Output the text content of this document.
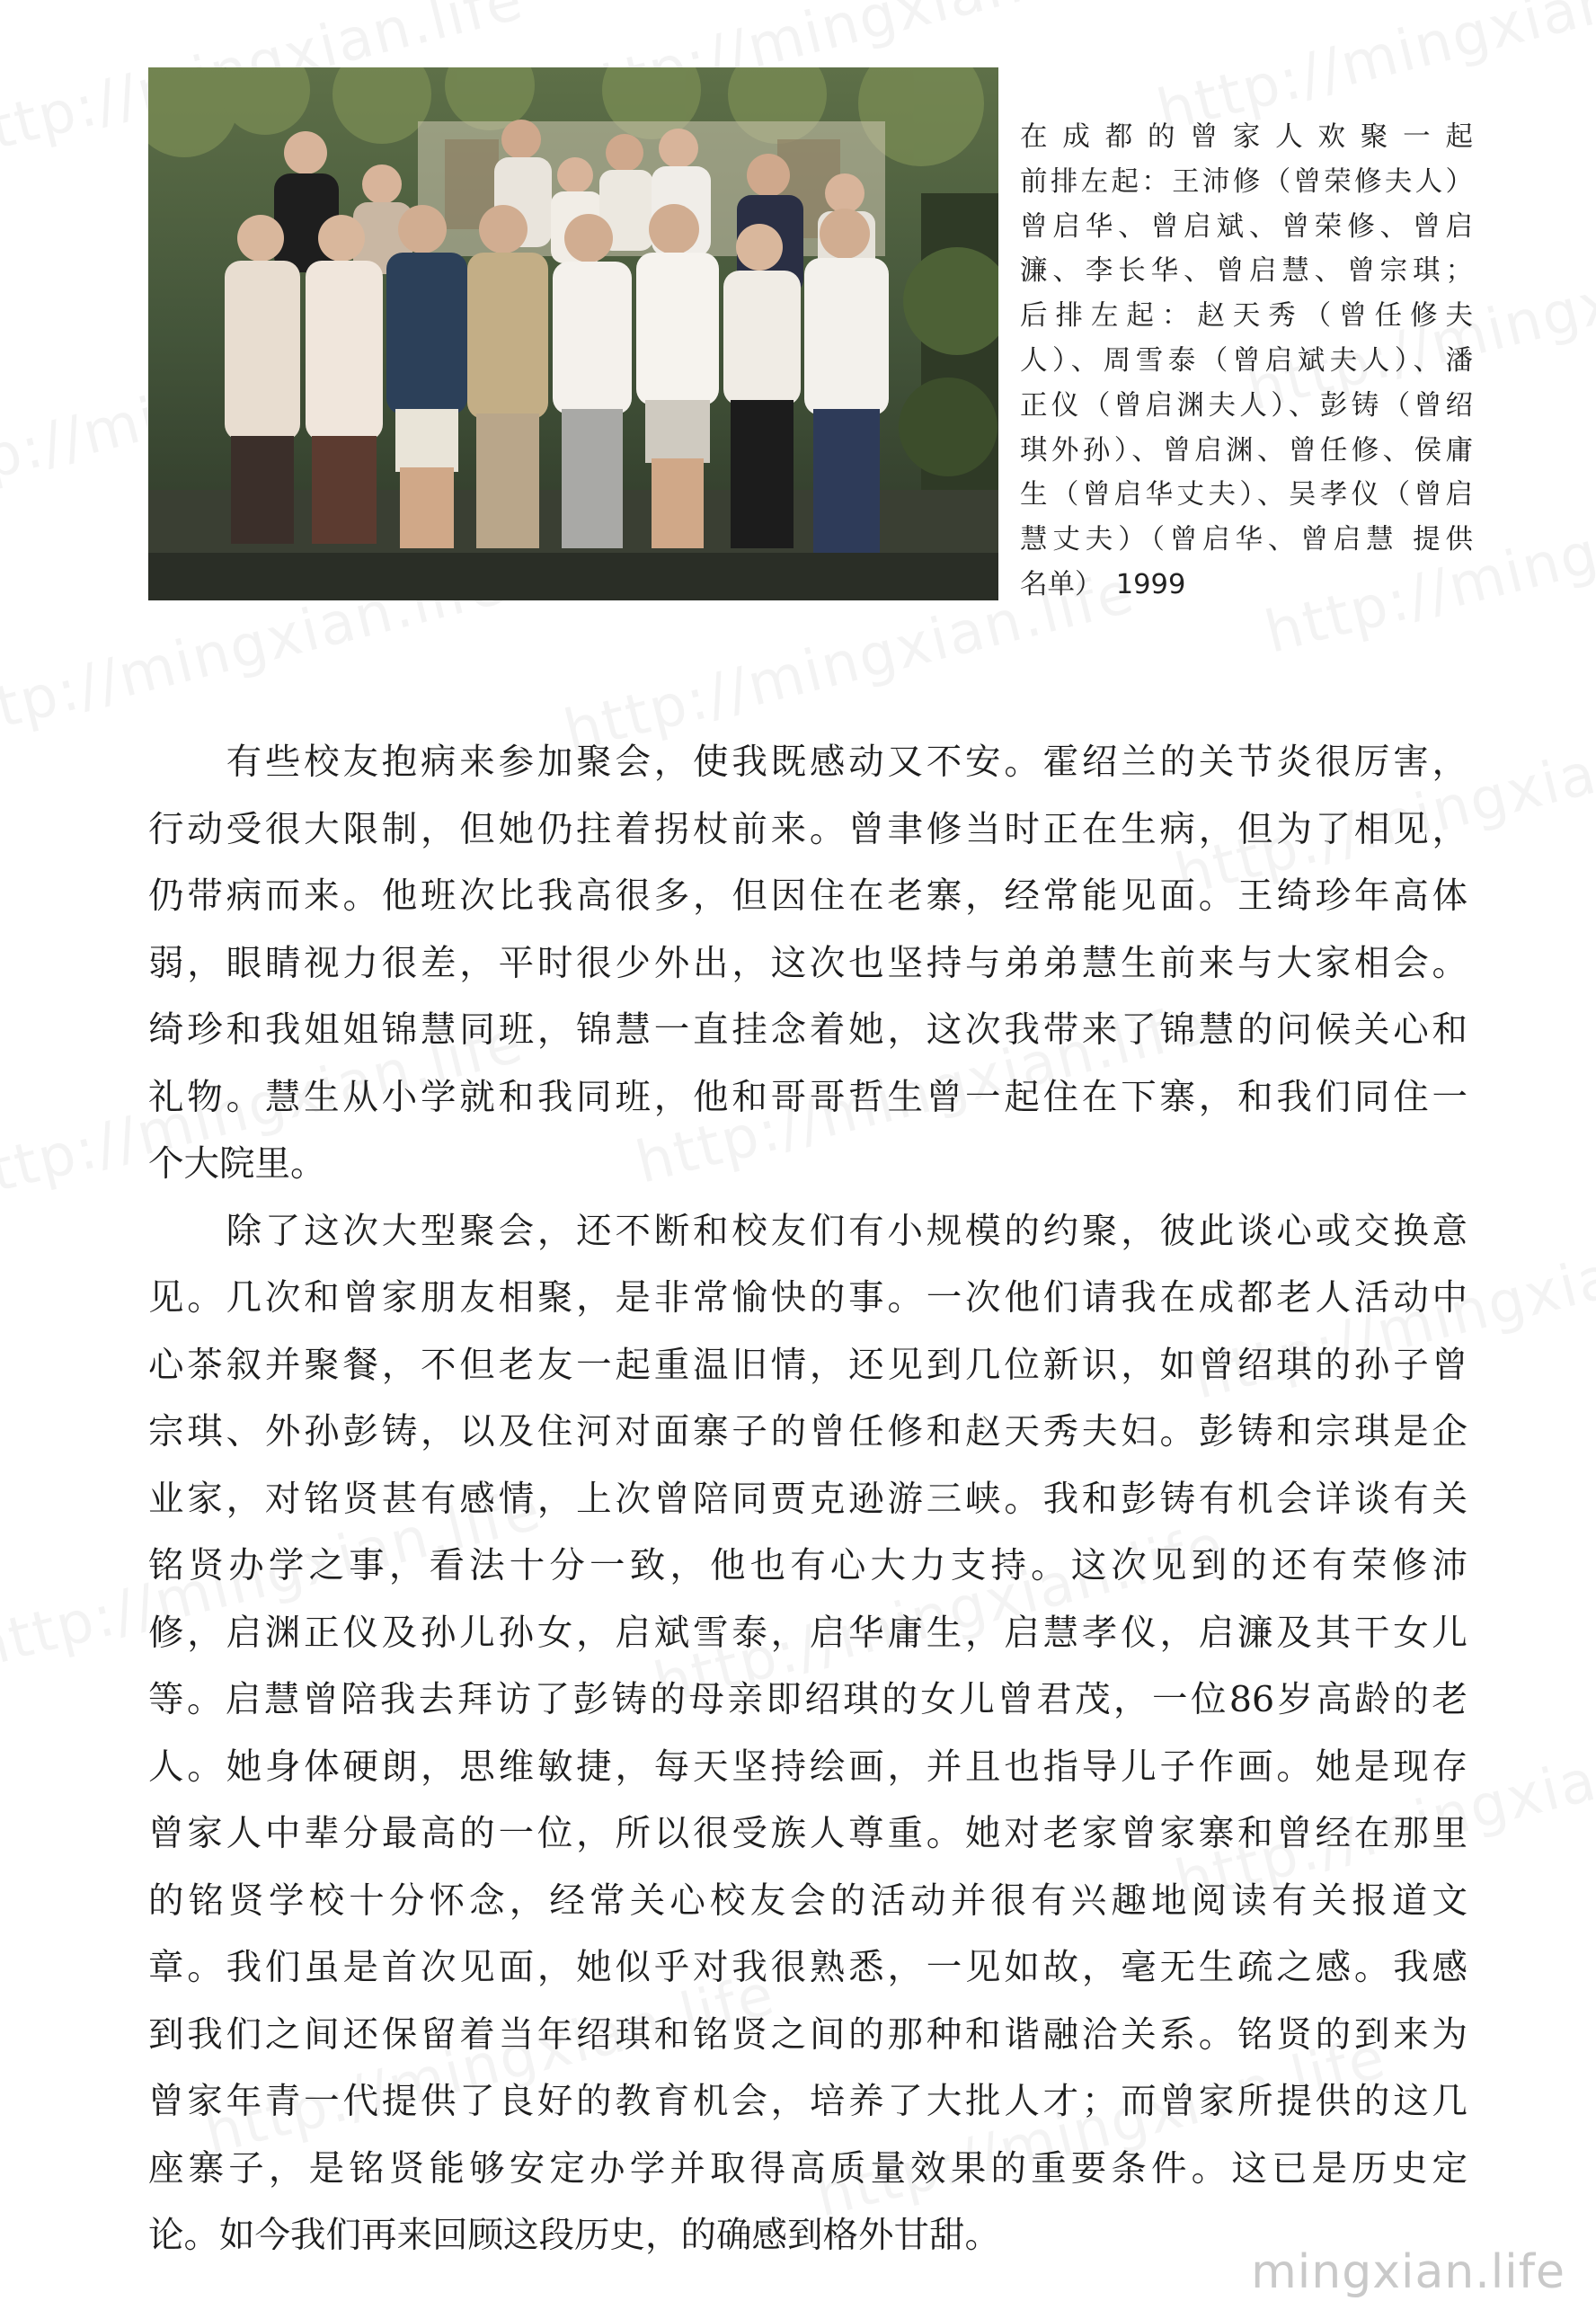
在成都的曾家人欢聚一起
前排左起：王沛修（曾荣修夫人）
曾启华、曾启斌、曾荣修、曾启
濂、李长华、曾启慧、曾宗琪；
后排左起：赵天秀（曾任修夫
人）、周雪泰（曾启斌夫人）、潘
正仪（曾启渊夫人）、彭铸（曾绍
琪外孙）、曾启渊、曾任修、侯庸
生（曾启华丈夫）、吴孝仪（曾启
慧丈夫）（曾启华、曾启慧 提供
名单）　1999
　　有些校友抱病来参加聚会，使我既感动又不安。霍绍兰的关节炎很厉害，
行动受很大限制，但她仍拄着拐杖前来。曾聿修当时正在生病，但为了相见，
仍带病而来。他班次比我高很多，但因住在老寨，经常能见面。王绮珍年高体
弱，眼睛视力很差，平时很少外出，这次也坚持与弟弟慧生前来与大家相会。
绮珍和我姐姐锦慧同班，锦慧一直挂念着她，这次我带来了锦慧的问候关心和
礼物。慧生从小学就和我同班，他和哥哥哲生曾一起住在下寨，和我们同住一
个大院里。
　　除了这次大型聚会，还不断和校友们有小规模的约聚，彼此谈心或交换意
见。几次和曾家朋友相聚，是非常愉快的事。一次他们请我在成都老人活动中
心茶叙并聚餐，不但老友一起重温旧情，还见到几位新识，如曾绍琪的孙子曾
宗琪、外孙彭铸，以及住河对面寨子的曾任修和赵天秀夫妇。彭铸和宗琪是企
业家，对铭贤甚有感情，上次曾陪同贾克逊游三峡。我和彭铸有机会详谈有关
铭贤办学之事，看法十分一致，他也有心大力支持。这次见到的还有荣修沛
修，启渊正仪及孙儿孙女，启斌雪泰，启华庸生，启慧孝仪，启濂及其干女儿
等。启慧曾陪我去拜访了彭铸的母亲即绍琪的女儿曾君茂，一位86岁高龄的老
人。她身体硬朗，思维敏捷，每天坚持绘画，并且也指导儿子作画。她是现存
曾家人中辈分最高的一位，所以很受族人尊重。她对老家曾家寨和曾经在那里
的铭贤学校十分怀念，经常关心校友会的活动并很有兴趣地阅读有关报道文
章。我们虽是首次见面，她似乎对我很熟悉，一见如故，毫无生疏之感。我感
到我们之间还保留着当年绍琪和铭贤之间的那种和谐融洽关系。铭贤的到来为
曾家年青一代提供了良好的教育机会，培养了大批人才；而曾家所提供的这几
座寨子，是铭贤能够安定办学并取得高质量效果的重要条件。这已是历史定
论。如今我们再来回顾这段历史，的确感到格外甘甜。
mingxian.life
